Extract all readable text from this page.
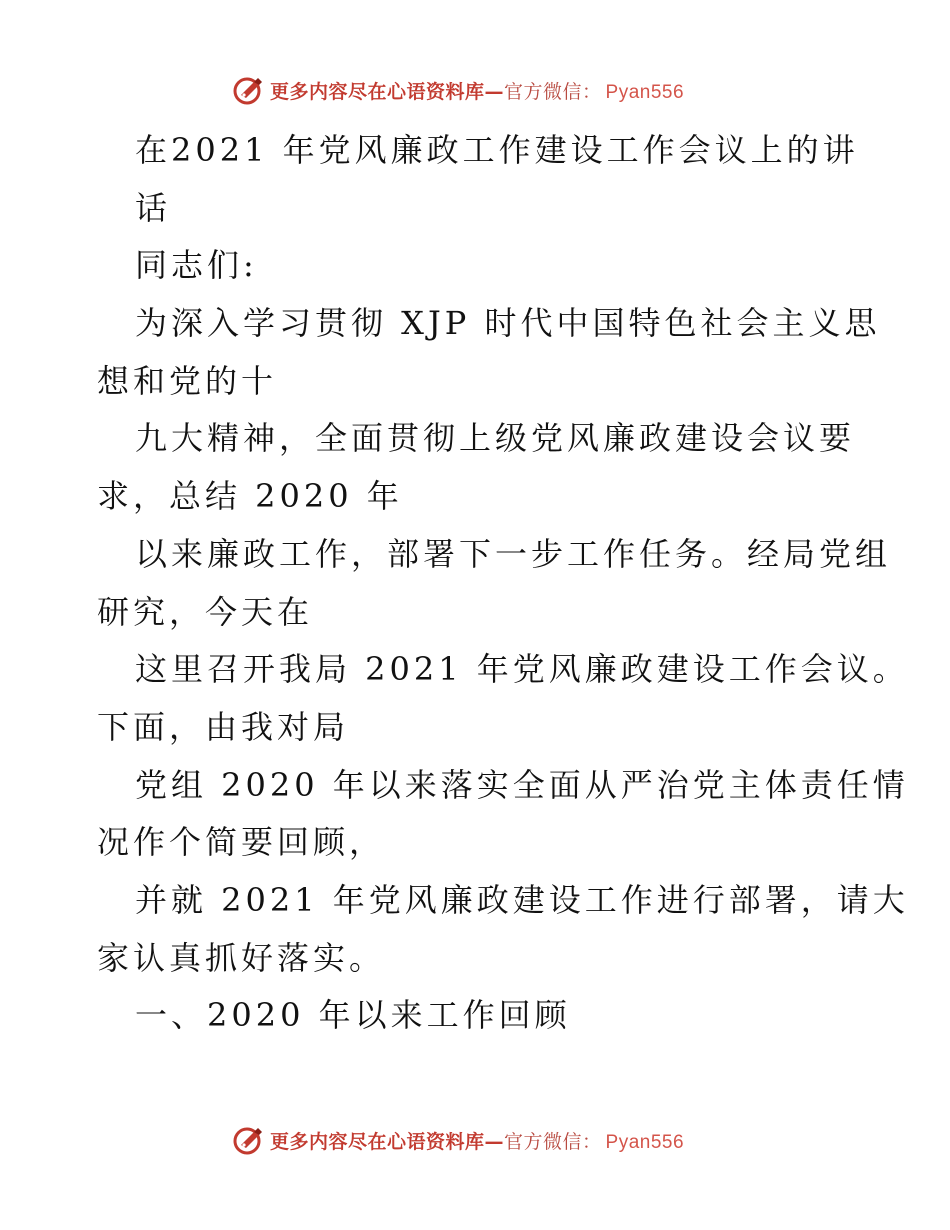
更多内容尽在心语资料库—官方微信： Pyan556
在2021 年党风廉政工作建设工作会议上的讲
话
同志们:
为深入学习贯彻 XJP 时代中国特色社会主义思
想和党的十
九大精神，全面贯彻上级党风廉政建设会议要
求，总结 2020 年
以来廉政工作，部署下一步工作任务。经局党组
研究，今天在
这里召开我局 2021 年党风廉政建设工作会议。
下面，由我对局
党组 2020 年以来落实全面从严治党主体责任情
况作个简要回顾，
并就 2021 年党风廉政建设工作进行部署，请大
家认真抓好落实。
一、2020 年以来工作回顾
更多内容尽在心语资料库—官方微信： Pyan556
